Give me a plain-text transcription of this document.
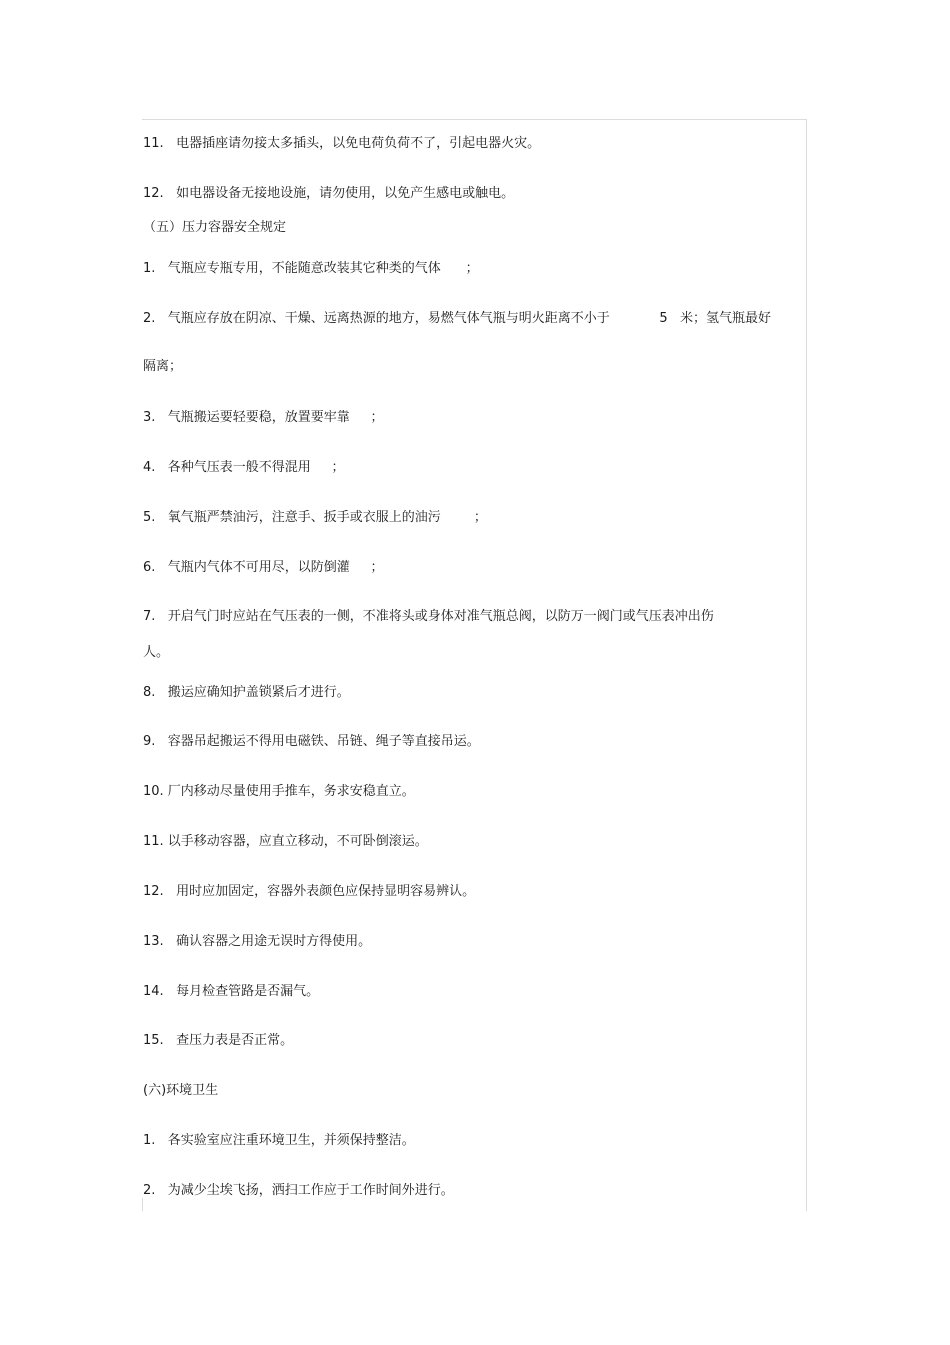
11.   电器插座请勿接太多插头，以免电荷负荷不了，引起电器火灾。

12.   如电器设备无接地设施，请勿使用，以免产生感电或触电。

（五）压力容器安全规定

1.   气瓶应专瓶专用，不能随意改装其它种类的气体      ；

2.   气瓶应存放在阴凉、干燥、远离热源的地方，易燃气体气瓶与明火距离不小于            5   米；氢气瓶最好

隔离；

3.   气瓶搬运要轻要稳，放置要牢靠     ；

4.   各种气压表一般不得混用     ；

5.   氧气瓶严禁油污，注意手、扳手或衣服上的油污        ；

6.   气瓶内气体不可用尽，以防倒灌     ；

7.   开启气门时应站在气压表的一侧，不准将头或身体对准气瓶总阀，以防万一阀门或气压表冲出伤

人。

8.   搬运应确知护盖锁紧后才进行。

9.   容器吊起搬运不得用电磁铁、吊链、绳子等直接吊运。

10. 厂内移动尽量使用手推车，务求安稳直立。

11. 以手移动容器，应直立移动，不可卧倒滚运。

12.   用时应加固定，容器外表颜色应保持显明容易辨认。

13.   确认容器之用途无误时方得使用。

14.   每月检查管路是否漏气。

15.   查压力表是否正常。

(六)环境卫生

1.   各实验室应注重环境卫生，并须保持整洁。

2.   为减少尘埃飞扬，洒扫工作应于工作时间外进行。
